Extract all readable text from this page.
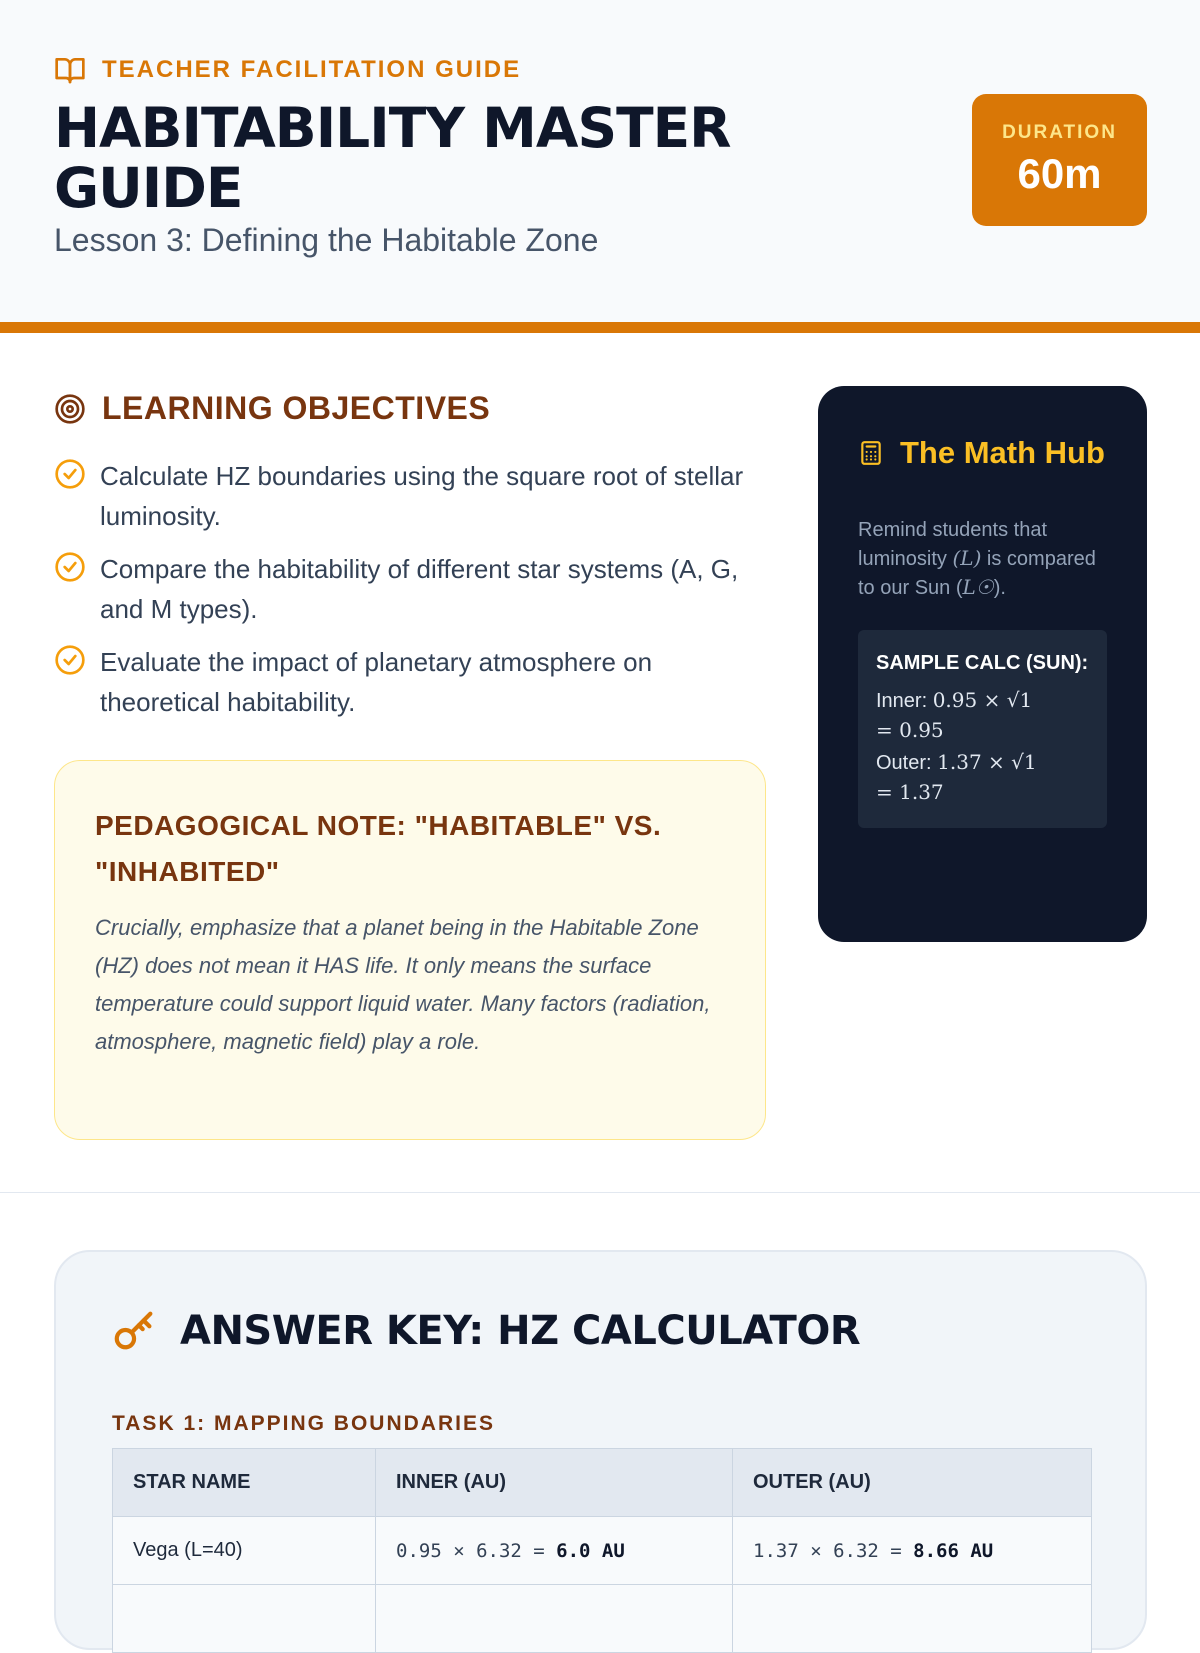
TEACHER FACILITATION GUIDE
HABITABILITY MASTER GUIDE
Lesson 3: Defining the Habitable Zone
DURATION
60m
LEARNING OBJECTIVES
Calculate HZ boundaries using the square root of stellar luminosity.
Compare the habitability of different star systems (A, G, and M types).
Evaluate the impact of planetary atmosphere on theoretical habitability.
PEDAGOGICAL NOTE: "HABITABLE" VS. "INHABITED"

Crucially, emphasize that a planet being in the Habitable Zone (HZ) does not mean it HAS life. It only means the surface temperature could support liquid water. Many factors (radiation, atmosphere, magnetic field) play a role.

The Math Hub
Remind students that luminosity (L) is compared to our Sun (L☉).
SAMPLE CALC (SUN):
Inner: 0.95 × √1
= 0.95
Outer: 1.37 × √1
= 1.37
ANSWER KEY: HZ CALCULATOR
TASK 1: MAPPING BOUNDARIES
STAR NAME	INNER (AU)	OUTER (AU)
Vega (L=40)	0.95 × 6.32 = 6.0 AU	1.37 × 6.32 = 8.66 AU
